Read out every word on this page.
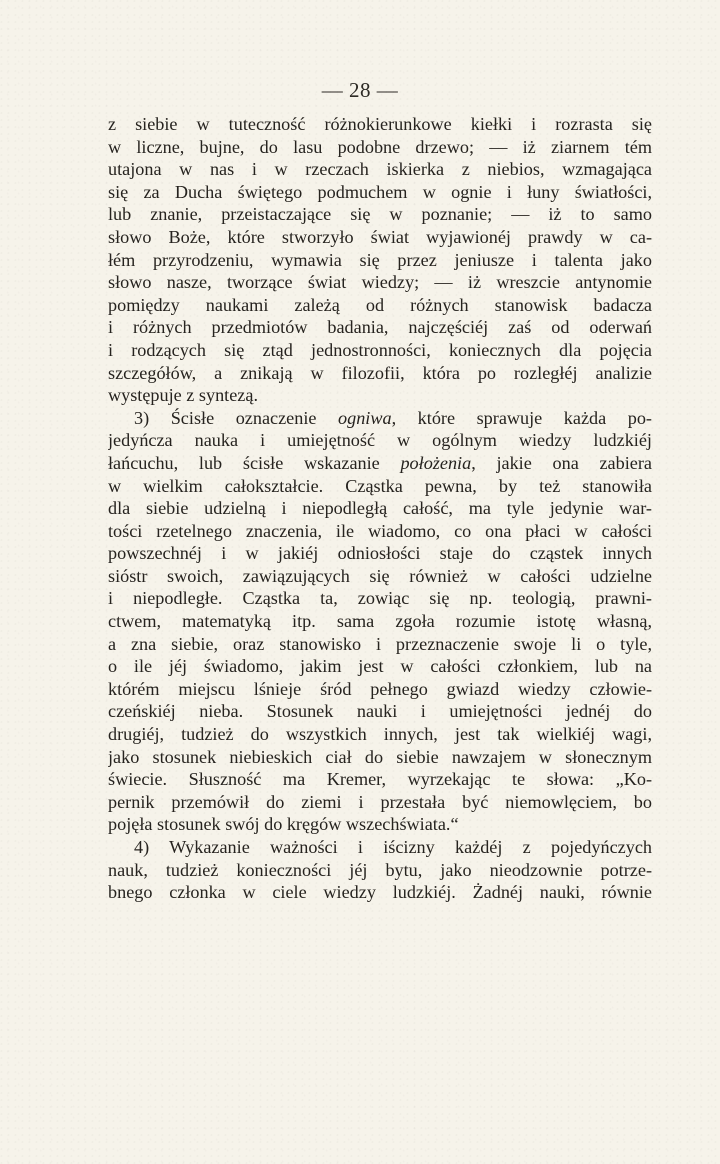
— 28 —
z siebie w tuteczność różnokierunkowe kiełki i rozrasta się
w liczne, bujne, do lasu podobne drzewo; — iż ziarnem tém
utajona w nas i w rzeczach iskierka z niebios, wzmagająca
się za Ducha świętego podmuchem w ognie i łuny światłości,
lub znanie, przeistaczające się w poznanie; — iż to samo
słowo Boże, które stworzyło świat wyjawionéj prawdy w ca-
łém przyrodzeniu, wymawia się przez jeniusze i talenta jako
słowo nasze, tworzące świat wiedzy; — iż wreszcie antynomie
pomiędzy naukami zależą od różnych stanowisk badacza
i różnych przedmiotów badania, najczęściéj zaś od oderwań
i rodzących się ztąd jednostronności, koniecznych dla pojęcia
szczegółów, a znikają w filozofii, która po rozległéj analizie
występuje z syntezą.
3) Ścisłe oznaczenie ogniwa, które sprawuje każda po-
jedyńcza nauka i umiejętność w ogólnym wiedzy ludzkiéj
łańcuchu, lub ścisłe wskazanie położenia, jakie ona zabiera
w wielkim całokształcie. Cząstka pewna, by też stanowiła
dla siebie udzielną i niepodległą całość, ma tyle jedynie war-
tości rzetelnego znaczenia, ile wiadomo, co ona płaci w całości
powszechnéj i w jakiéj odniosłości staje do cząstek innych
sióstr swoich, zawiązujących się również w całości udzielne
i niepodległe. Cząstka ta, zowiąc się np. teologią, prawni-
ctwem, matematyką itp. sama zgoła rozumie istotę własną,
a zna siebie, oraz stanowisko i przeznaczenie swoje li o tyle,
o ile jéj świadomo, jakim jest w całości członkiem, lub na
którém miejscu lśnieje śród pełnego gwiazd wiedzy człowie-
czeńskiéj nieba. Stosunek nauki i umiejętności jednéj do
drugiéj, tudzież do wszystkich innych, jest tak wielkiéj wagi,
jako stosunek niebieskich ciał do siebie nawzajem w słonecznym
świecie. Słuszność ma Kremer, wyrzekając te słowa: „Ko-
pernik przemówił do ziemi i przestała być niemowlęciem, bo
pojęła stosunek swój do kręgów wszechświata.“
4) Wykazanie ważności i iścizny każdéj z pojedyńczych
nauk, tudzież konieczności jéj bytu, jako nieodzownie potrze-
bnego członka w ciele wiedzy ludzkiéj. Żadnéj nauki, równie
